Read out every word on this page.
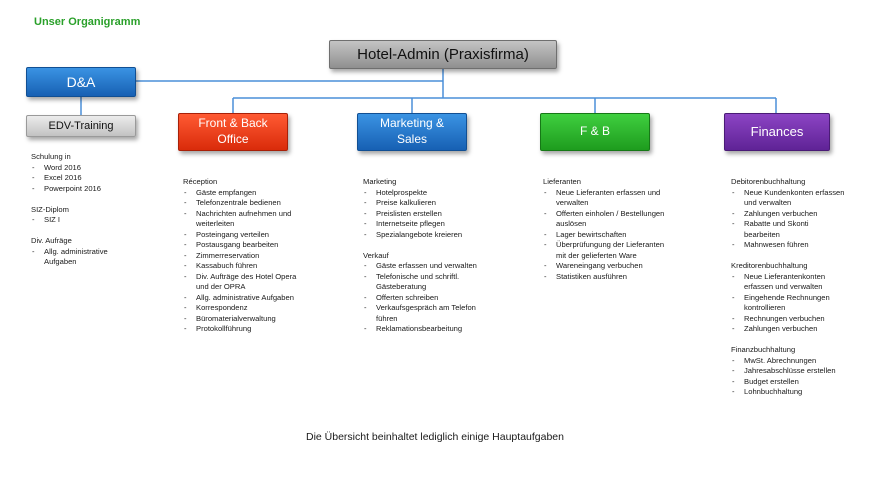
Unser Organigramm
Hotel-Admin (Praxisfirma)
D&A
EDV-Training	Front & Back
Office
Marketing &
Sales
F & B	Finances
Schulung in
- Word 2016
- Excel 2016
- Powerpoint 2016
SIZ-Diplom
- SIZ I
Div. Aufräge
- Allg. administrative Aufgaben
Réception
- Gäste empfangen
- Telefonzentrale bedienen
- Nachrichten aufnehmen und weiterleiten
- Posteingang verteilen
- Postausgang bearbeiten
- Zimmerreservation
- Kassabuch führen
- Div. Aufträge des Hotel Opera und der OPRA
- Allg. administrative Aufgaben
- Korrespondenz
- Büromaterialverwaltung
- Protokollführung
Marketing
- Hotelprospekte
- Preise kalkulieren
- Preislisten erstellen
- Internetseite pflegen
- Spezialangebote kreieren
Verkauf
- Gäste erfassen und verwalten
- Telefonische und schriftl. Gästeberatung
- Offerten schreiben
- Verkaufsgespräch am Telefon führen
- Reklamationsbearbeitung
Lieferanten
- Neue Lieferanten erfassen und verwalten
- Offerten einholen / Bestellungen auslösen
- Lager bewirtschaften
- Überprüfungung der Lieferanten mit der gelieferten Ware
- Wareneingang verbuchen
- Statistiken ausführen
Debitorenbuchhaltung
- Neue Kundenkonten erfassen und verwalten
- Zahlungen verbuchen
- Rabatte und Skonti bearbeiten
- Mahnwesen führen
Kreditorenbuchhaltung
- Neue Lieferantenkonten erfassen und verwalten
- Eingehende Rechnungen kontrollieren
- Rechnungen verbuchen
- Zahlungen verbuchen
Finanzbuchhaltung
- MwSt. Abrechnungen
- Jahresabschlüsse erstellen
- Budget erstellen
- Lohnbuchhaltung
Die Übersicht beinhaltet lediglich einige Hauptaufgaben
